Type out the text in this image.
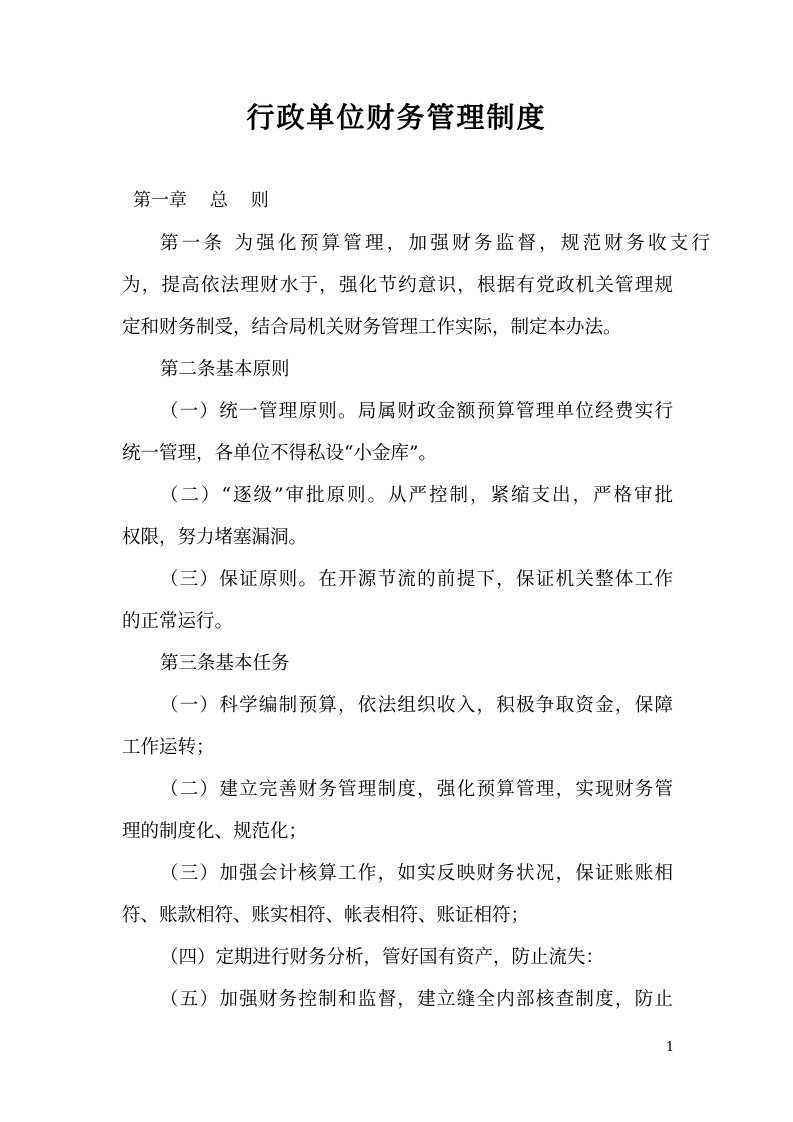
行政单位财务管理制度
第一章    总    则
第一条 为强化预算管理，加强财务监督，规范财务收支行
为，提高依法理财水于，强化节约意识，根据有党政机关管理规
定和财务制受，结合局机关财务管理工作实际，制定本办法。
第二条基本原则
（一）统一管理原则。局属财政金额预算管理单位经费实行
统一管理，各单位不得私设“小金库”。
（二）“逐级”审批原则。从严控制，紧缩支出，严格审批
权限，努力堵塞漏洞。
（三）保证原则。在开源节流的前提下，保证机关整体工作
的正常运行。
第三条基本任务
（一）科学编制预算，依法组织收入，积极争取资金，保障
工作运转；
（二）建立完善财务管理制度，强化预算管理，实现财务管
理的制度化、规范化；
（三）加强会计核算工作，如实反映财务状况，保证账账相
符、账款相符、账实相符、帐表相符、账证相符；
（四）定期进行财务分析，管好国有资产，防止流失：
（五）加强财务控制和监督，建立缝全内部核查制度，防止
1
